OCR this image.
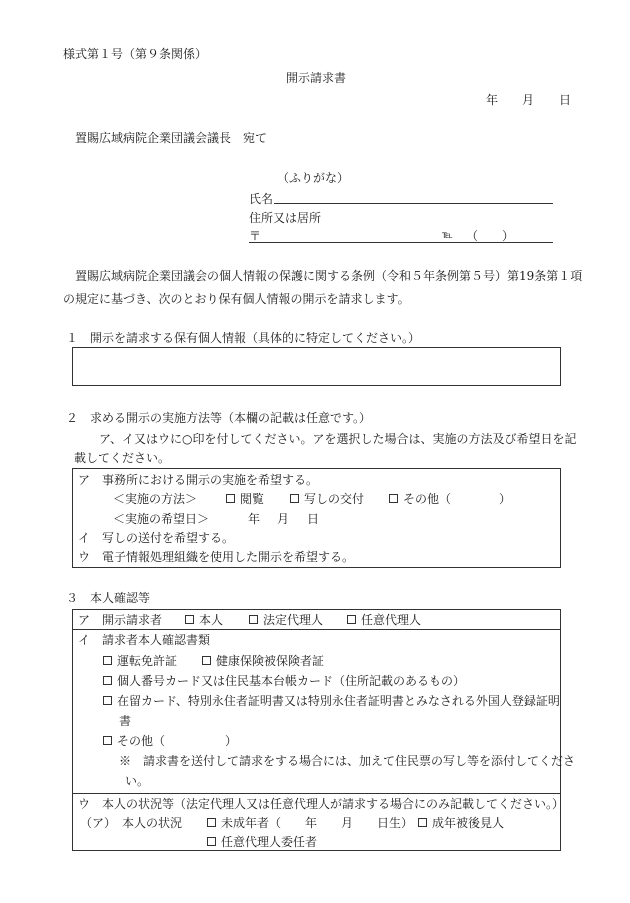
様式第１号（第９条関係）
開示請求書
年 月 日
置賜広域病院企業団議会議長　宛て
（ふりがな）
氏名
住所又は居所
〒	℡ （　　）
置賜広域病院企業団議会の個人情報の保護に関する条例（令和５年条例第５号）第19条第１項
の規定に基づき、次のとおり保有個人情報の開示を請求します。
１　開示を請求する保有個人情報（具体的に特定してください。）
２　求める開示の実施方法等（本欄の記載は任意です。）
ア、イ又はウに○印を付してください。アを選択した場合は、実施の方法及び希望日を記
載してください。
ア　事務所における開示の実施を希望する。
＜実施の方法＞	閲覧	写しの交付	その他（　　　　）
＜実施の希望日＞	年 月 日
イ　写しの送付を希望する。
ウ　電子情報処理組織を使用した開示を希望する。
３　本人確認等
ア　開示請求者	本人	法定代理人	任意代理人
イ　請求者本人確認書類
運転免許証	健康保険被保険者証
個人番号カード又は住民基本台帳カード（住所記載のあるもの）
在留カード、特別永住者証明書又は特別永住者証明書とみなされる外国人登録証明
書
その他（　　　　　）
※　請求書を送付して請求をする場合には、加えて住民票の写し等を添付してくださ
い。
ウ　本人の状況等（法定代理人又は任意代理人が請求する場合にのみ記載してください。）
（ア）　本人の状況	未成年者（　　年　　月　　日生）	成年被後見人
任意代理人委任者
